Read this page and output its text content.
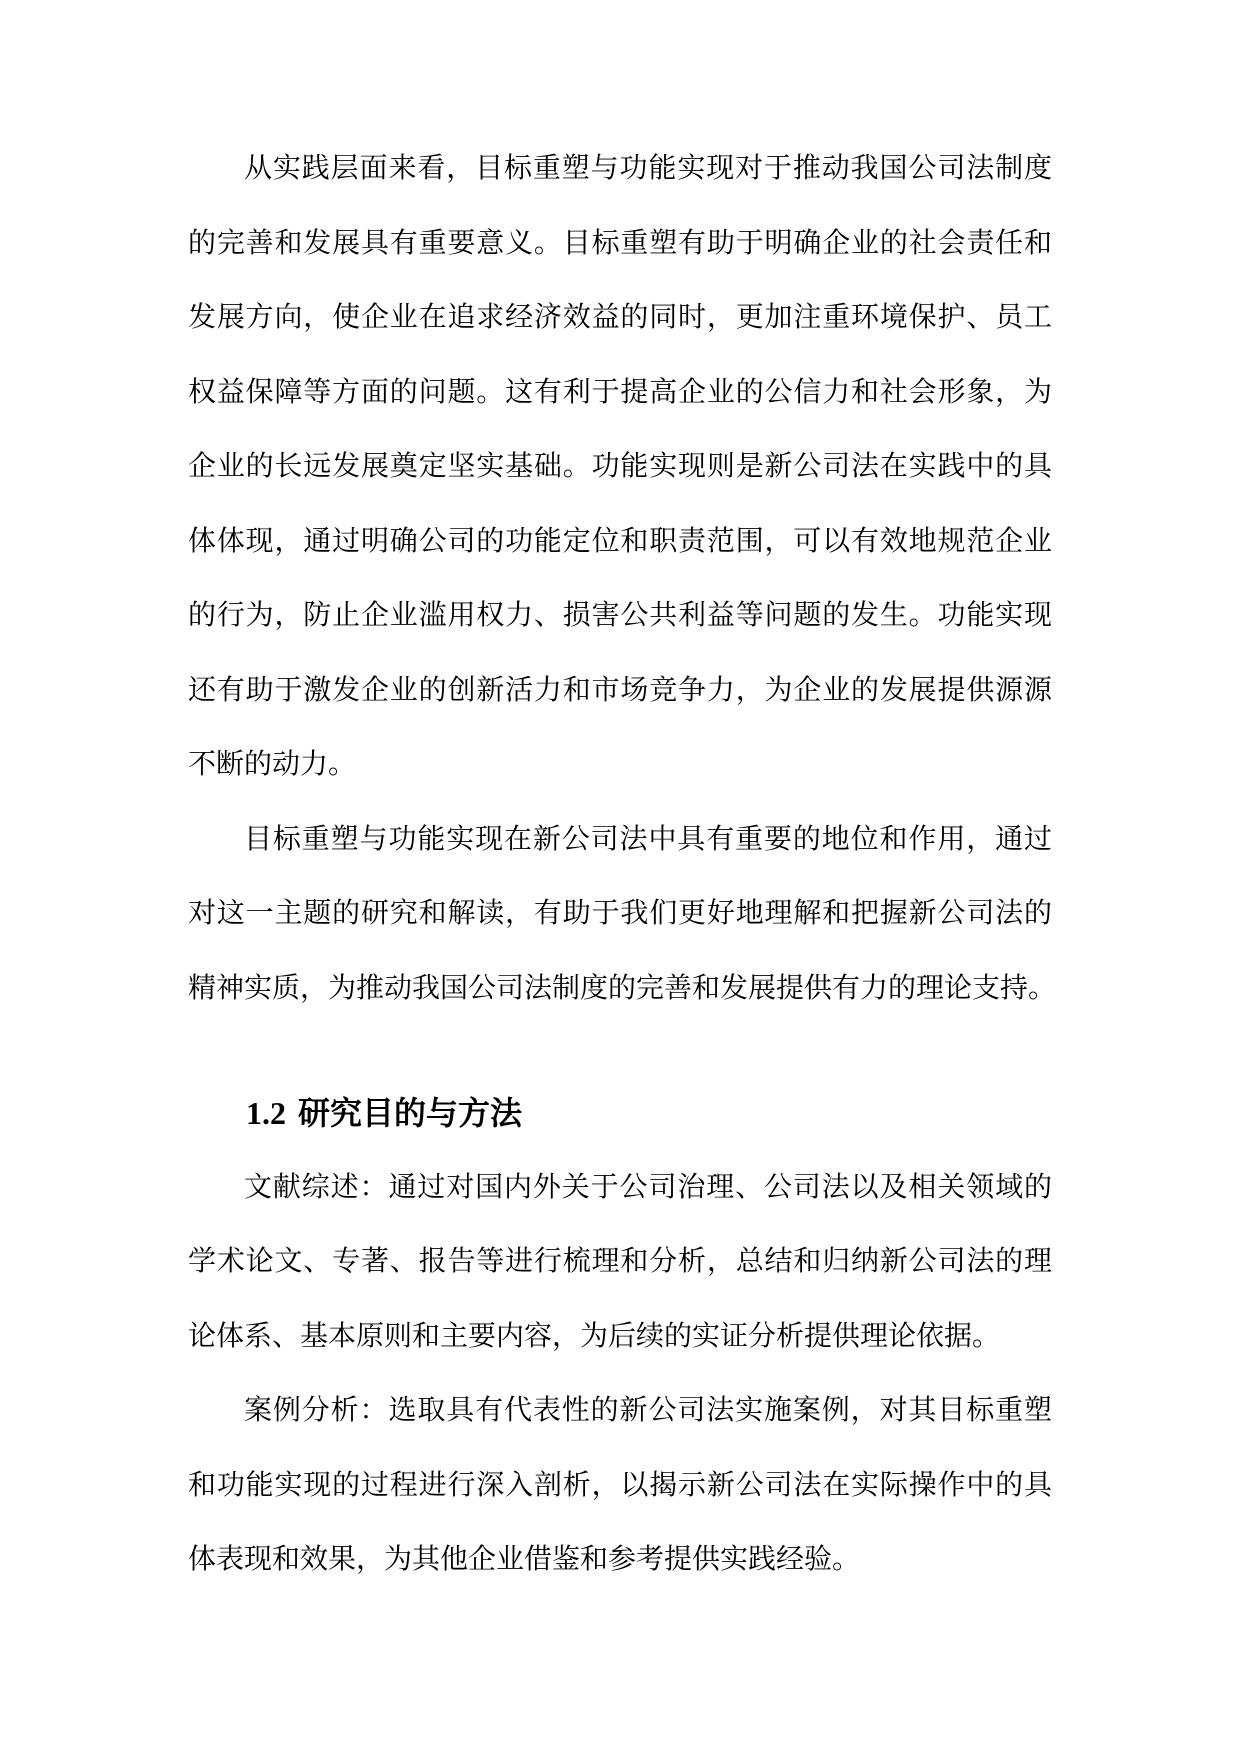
从实践层面来看，目标重塑与功能实现对于推动我国公司法制度

的完善和发展具有重要意义。目标重塑有助于明确企业的社会责任和

发展方向，使企业在追求经济效益的同时，更加注重环境保护、员工

权益保障等方面的问题。这有利于提高企业的公信力和社会形象，为

企业的长远发展奠定坚实基础。功能实现则是新公司法在实践中的具

体体现，通过明确公司的功能定位和职责范围，可以有效地规范企业

的行为，防止企业滥用权力、损害公共利益等问题的发生。功能实现

还有助于激发企业的创新活力和市场竞争力，为企业的发展提供源源

不断的动力。

目标重塑与功能实现在新公司法中具有重要的地位和作用，通过

对这一主题的研究和解读，有助于我们更好地理解和把握新公司法的

精神实质，为推动我国公司法制度的完善和发展提供有力的理论支持。

1.2 研究目的与方法

文献综述：通过对国内外关于公司治理、公司法以及相关领域的

学术论文、专著、报告等进行梳理和分析，总结和归纳新公司法的理

论体系、基本原则和主要内容，为后续的实证分析提供理论依据。

案例分析：选取具有代表性的新公司法实施案例，对其目标重塑

和功能实现的过程进行深入剖析，以揭示新公司法在实际操作中的具

体表现和效果，为其他企业借鉴和参考提供实践经验。
